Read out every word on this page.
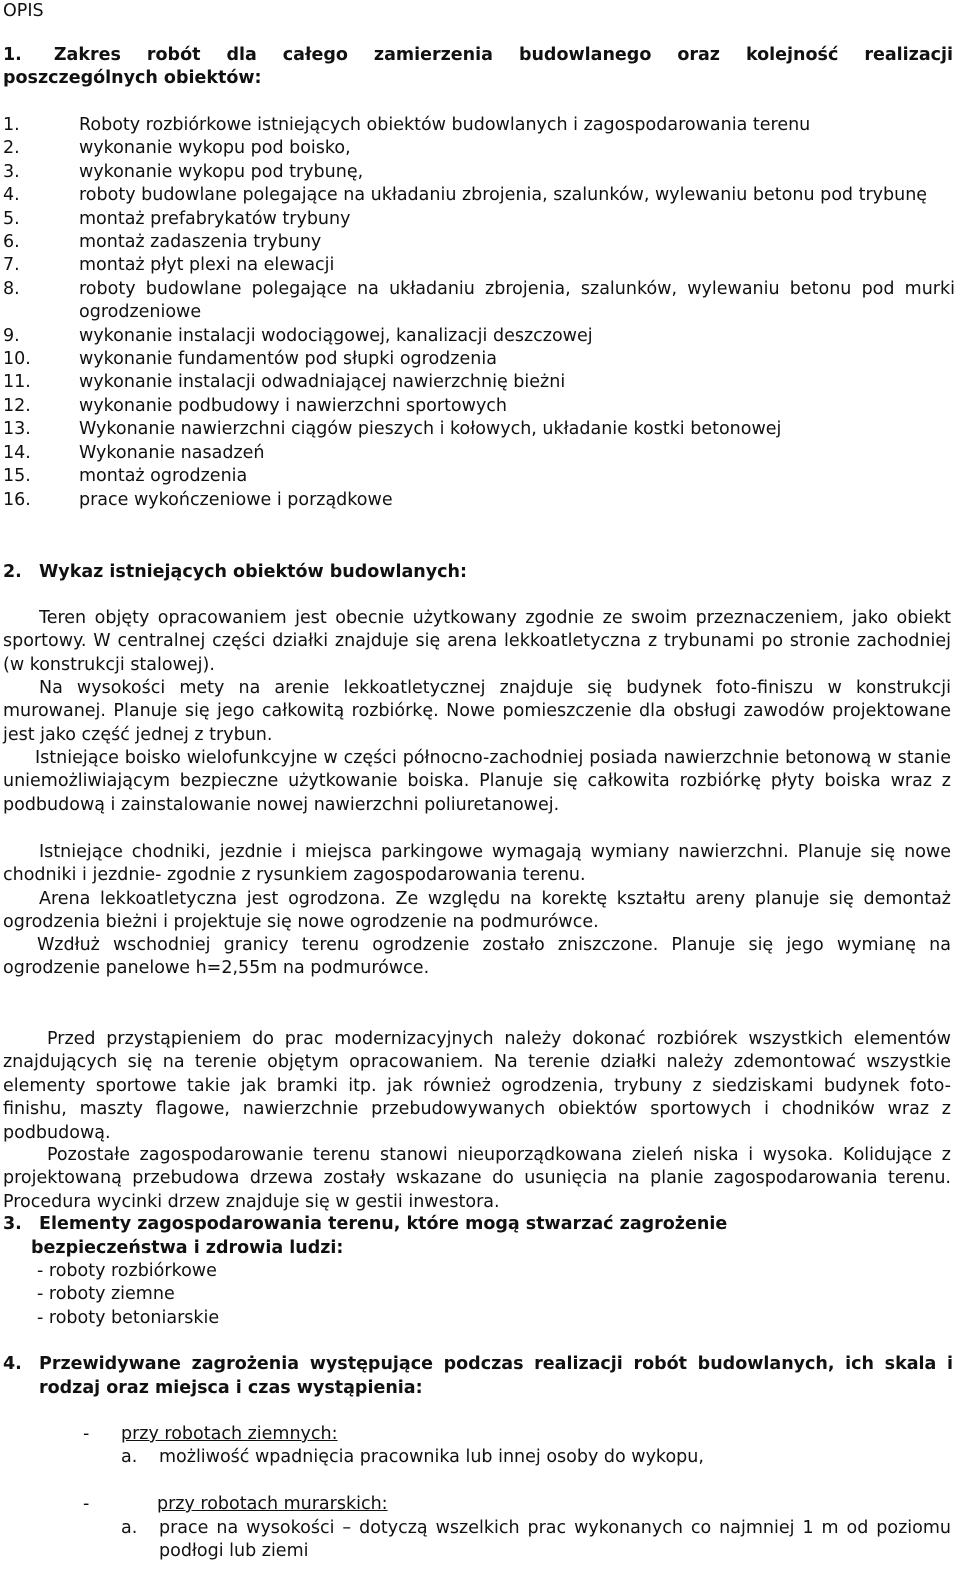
OPIS
1. Zakres robót dla całego zamierzenia budowlanego oraz kolejność realizacji
poszczególnych obiektów:
1.	Roboty rozbiórkowe istniejących obiektów budowlanych i zagospodarowania terenu
2.	wykonanie wykopu pod boisko,
3.	wykonanie wykopu pod trybunę,
4.	roboty budowlane polegające na układaniu zbrojenia, szalunków, wylewaniu betonu pod trybunę
5.	montaż prefabrykatów trybuny
6.	montaż zadaszenia trybuny
7.	montaż płyt plexi na elewacji
8.	roboty budowlane polegające na układaniu zbrojenia, szalunków, wylewaniu betonu pod murki ogrodzeniowe
9.	wykonanie instalacji wodociągowej, kanalizacji deszczowej
10.	wykonanie fundamentów pod słupki ogrodzenia
11.	wykonanie instalacji odwadniającej nawierzchnię bieżni
12.	wykonanie podbudowy i nawierzchni sportowych
13.	Wykonanie nawierzchni ciągów pieszych i kołowych, układanie kostki betonowej
14.	Wykonanie nasadzeń
15.	montaż ogrodzenia
16.	prace wykończeniowe i porządkowe
2. Wykaz istniejących obiektów budowlanych:

Teren objęty opracowaniem jest obecnie użytkowany zgodnie ze swoim przeznaczeniem, jako obiekt sportowy. W centralnej części działki znajduje się arena lekkoatletyczna z trybunami po stronie zachodniej (w konstrukcji stalowej).

Na wysokości mety na arenie lekkoatletycznej znajduje się budynek foto-finiszu w konstrukcji murowanej. Planuje się jego całkowitą rozbiórkę. Nowe pomieszczenie dla obsługi zawodów projektowane jest jako część jednej z trybun.

Istniejące boisko wielofunkcyjne w części północno-zachodniej posiada nawierzchnie betonową w stanie uniemożliwiającym bezpieczne użytkowanie boiska. Planuje się całkowita rozbiórkę płyty boiska wraz z podbudową i zainstalowanie nowej nawierzchni poliuretanowej.

Istniejące chodniki, jezdnie i miejsca parkingowe wymagają wymiany nawierzchni. Planuje się nowe chodniki i jezdnie- zgodnie z rysunkiem zagospodarowania terenu.

Arena lekkoatletyczna jest ogrodzona. Ze względu na korektę kształtu areny planuje się demontaż ogrodzenia bieżni i projektuje się nowe ogrodzenie na podmurówce.

Wzdłuż wschodniej granicy terenu ogrodzenie zostało zniszczone. Planuje się jego wymianę na ogrodzenie panelowe h=2,55m na podmurówce.

Przed przystąpieniem do prac modernizacyjnych należy dokonać rozbiórek wszystkich elementów znajdujących się na terenie objętym opracowaniem. Na terenie działki należy zdemontować wszystkie elementy sportowe takie jak bramki itp. jak również ogrodzenia, trybuny z siedziskami budynek foto-finishu, maszty flagowe, nawierzchnie przebudowywanych obiektów sportowych i chodników wraz z podbudową.

Pozostałe zagospodarowanie terenu stanowi nieuporządkowana zieleń niska i wysoka. Kolidujące z projektowaną przebudowa drzewa zostały wskazane do usunięcia na planie zagospodarowania terenu. Procedura wycinki drzew znajduje się w gestii inwestora.

3. Elementy zagospodarowania terenu, które mogą stwarzać zagrożenie
bezpieczeństwa i zdrowia ludzi:
- roboty rozbiórkowe
- roboty ziemne
- roboty betoniarskie
4. Przewidywane zagrożenia występujące podczas realizacji robót budowlanych, ich skala i
rodzaj oraz miejsca i czas wystąpienia:
- przy robotach ziemnych:
a.	możliwość wpadnięcia pracownika lub innej osoby do wykopu,
-	przy robotach murarskich:
a.	prace na wysokości – dotyczą wszelkich prac wykonanych co najmniej 1 m od poziomu podłogi lub ziemi
